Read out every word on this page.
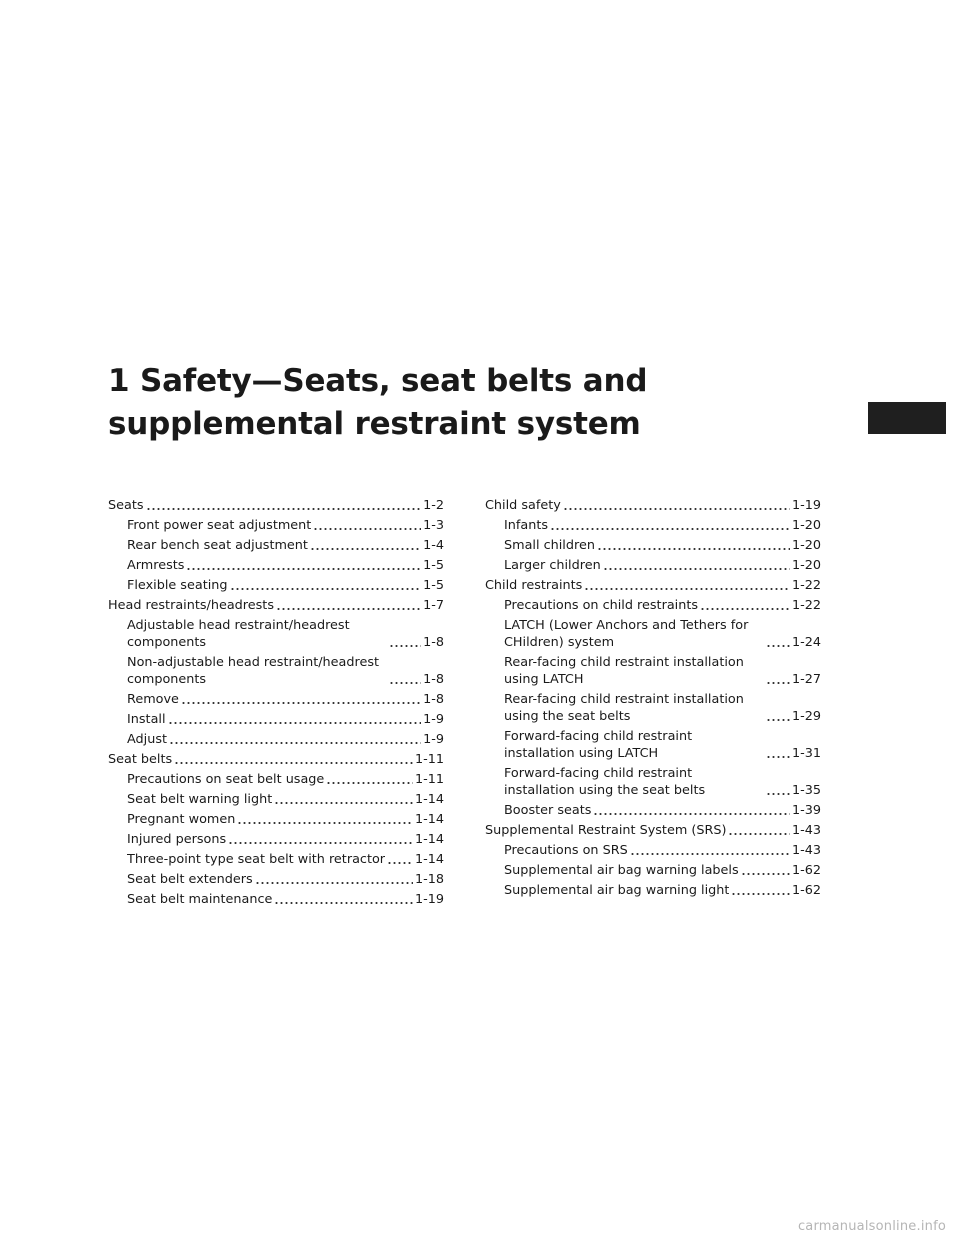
1 Safety—Seats, seat belts and
supplemental restraint system
Seats	1-2
Front power seat adjustment	1-3
Rear bench seat adjustment	1-4
Armrests	1-5
Flexible seating	1-5
Head restraints/headrests	1-7
Adjustable head restraint/headrest components	1-8
Non-adjustable head restraint/headrest components	1-8
Remove	1-8
Install	1-9
Adjust	1-9
Seat belts	1-11
Precautions on seat belt usage	1-11
Seat belt warning light	1-14
Pregnant women	1-14
Injured persons	1-14
Three-point type seat belt with retractor 1-14
Seat belt extenders	1-18
Seat belt maintenance	1-19
Child safety	1-19
Infants	1-20
Small children	1-20
Larger children	1-20
Child restraints	1-22
Precautions on child restraints	1-22
LATCH (Lower Anchors and Tethers for CHildren) system	1-24
Rear-facing child restraint installation using LATCH	1-27
Rear-facing child restraint installation using the seat belts	1-29
Forward-facing child restraint installation using LATCH	1-31
Forward-facing child restraint installation using the seat belts	1-35
Booster seats	1-39
Supplemental Restraint System (SRS)	1-43
Precautions on SRS	1-43
Supplemental air bag warning labels	1-62
Supplemental air bag warning light	1-62
carmanualsonline.info
